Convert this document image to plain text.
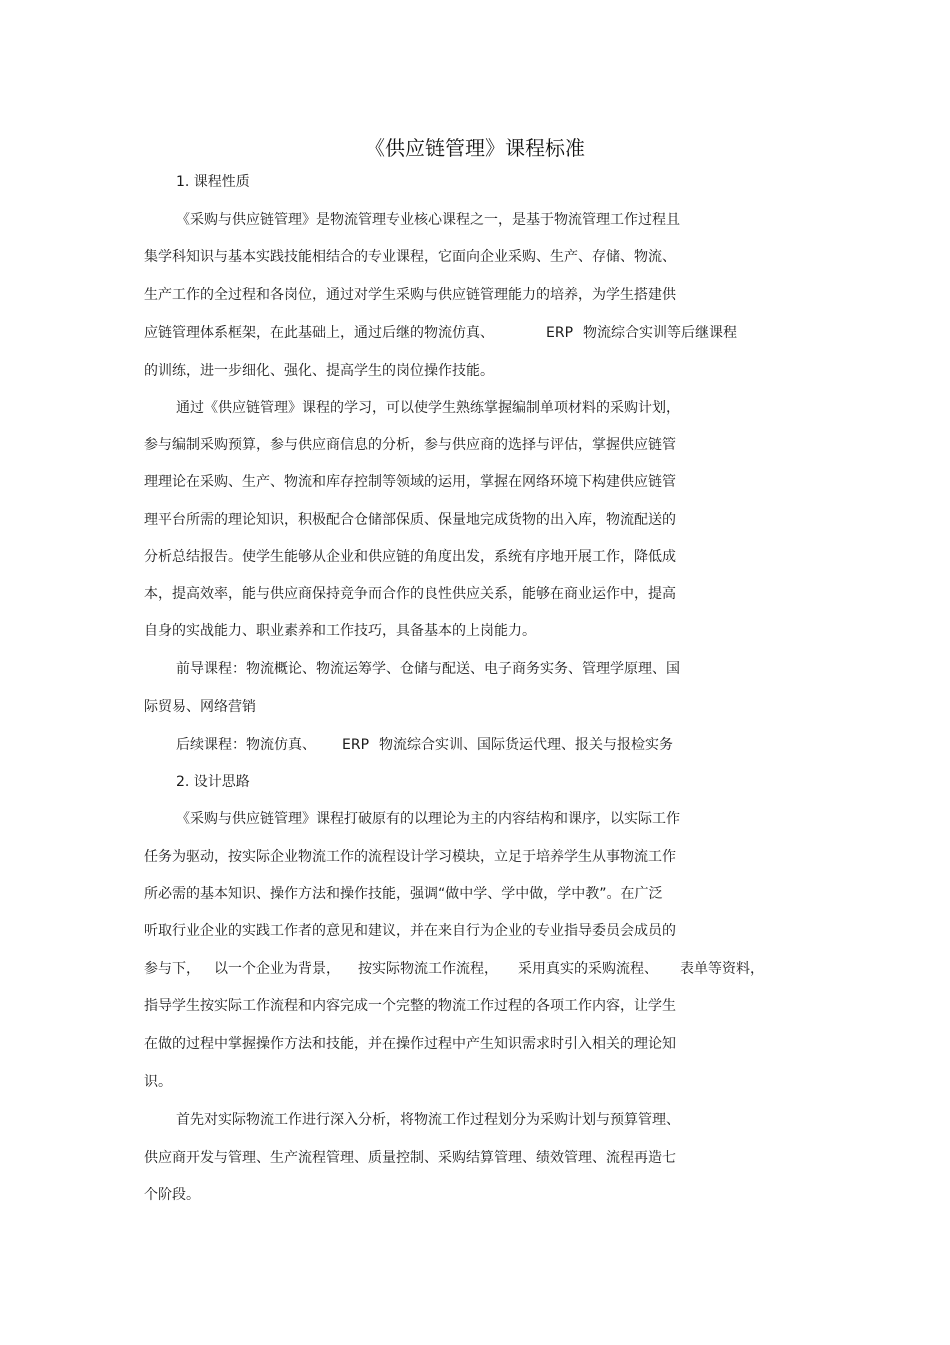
《供应链管理》课程标准
1. 课程性质
《采购与供应链管理》是物流管理专业核心课程之一，是基于物流管理工作过程且
集学科知识与基本实践技能相结合的专业课程，它面向企业采购、生产、存储、物流、
生产工作的全过程和各岗位，通过对学生采购与供应链管理能力的培养，为学生搭建供
应链管理体系框架，在此基础上，通过后继的物流仿真、	ERP 物流综合实训等后继课程
的训练，进一步细化、强化、提高学生的岗位操作技能。
通过《供应链管理》课程的学习，可以使学生熟练掌握编制单项材料的采购计划，
参与编制采购预算，参与供应商信息的分析，参与供应商的选择与评估，掌握供应链管
理理论在采购、生产、物流和库存控制等领域的运用，掌握在网络环境下构建供应链管
理平台所需的理论知识，积极配合仓储部保质、保量地完成货物的出入库，物流配送的
分析总结报告。使学生能够从企业和供应链的角度出发，系统有序地开展工作，降低成
本，提高效率，能与供应商保持竞争而合作的良性供应关系，能够在商业运作中，提高
自身的实战能力、职业素养和工作技巧，具备基本的上岗能力。
前导课程：物流概论、物流运筹学、仓储与配送、电子商务实务、管理学原理、国
际贸易、网络营销
后续课程：物流仿真、 ERP 物流综合实训、国际货运代理、报关与报检实务
2. 设计思路
《采购与供应链管理》课程打破原有的以理论为主的内容结构和课序，以实际工作
任务为驱动，按实际企业物流工作的流程设计学习模块，立足于培养学生从事物流工作
所必需的基本知识、操作方法和操作技能，强调“做中学、学中做，学中教”。在广泛
听取行业企业的实践工作者的意见和建议，并在来自行为企业的专业指导委员会成员的
参与下， 以一个企业为背景， 按实际物流工作流程， 采用真实的采购流程、 表单等资料，
指导学生按实际工作流程和内容完成一个完整的物流工作过程的各项工作内容，让学生
在做的过程中掌握操作方法和技能，并在操作过程中产生知识需求时引入相关的理论知
识。
首先对实际物流工作进行深入分析，将物流工作过程划分为采购计划与预算管理、
供应商开发与管理、生产流程管理、质量控制、采购结算管理、绩效管理、流程再造七
个阶段。
